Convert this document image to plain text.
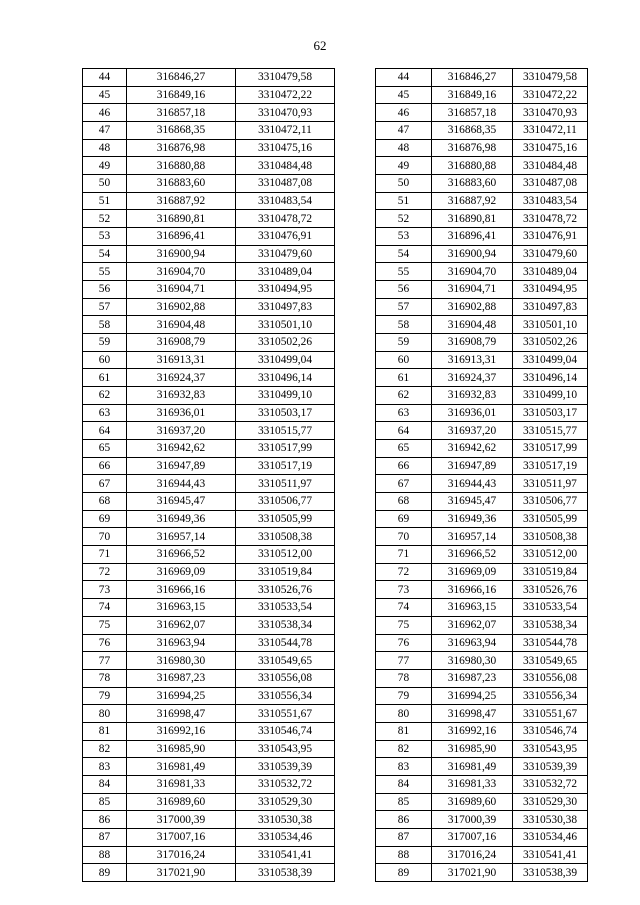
62
44	316846,27	3310479,58
45	316849,16	3310472,22
46	316857,18	3310470,93
47	316868,35	3310472,11
48	316876,98	3310475,16
49	316880,88	3310484,48
50	316883,60	3310487,08
51	316887,92	3310483,54
52	316890,81	3310478,72
53	316896,41	3310476,91
54	316900,94	3310479,60
55	316904,70	3310489,04
56	316904,71	3310494,95
57	316902,88	3310497,83
58	316904,48	3310501,10
59	316908,79	3310502,26
60	316913,31	3310499,04
61	316924,37	3310496,14
62	316932,83	3310499,10
63	316936,01	3310503,17
64	316937,20	3310515,77
65	316942,62	3310517,99
66	316947,89	3310517,19
67	316944,43	3310511,97
68	316945,47	3310506,77
69	316949,36	3310505,99
70	316957,14	3310508,38
71	316966,52	3310512,00
72	316969,09	3310519,84
73	316966,16	3310526,76
74	316963,15	3310533,54
75	316962,07	3310538,34
76	316963,94	3310544,78
77	316980,30	3310549,65
78	316987,23	3310556,08
79	316994,25	3310556,34
80	316998,47	3310551,67
81	316992,16	3310546,74
82	316985,90	3310543,95
83	316981,49	3310539,39
84	316981,33	3310532,72
85	316989,60	3310529,30
86	317000,39	3310530,38
87	317007,16	3310534,46
88	317016,24	3310541,41
89	317021,90	3310538,39
44	316846,27	3310479,58
45	316849,16	3310472,22
46	316857,18	3310470,93
47	316868,35	3310472,11
48	316876,98	3310475,16
49	316880,88	3310484,48
50	316883,60	3310487,08
51	316887,92	3310483,54
52	316890,81	3310478,72
53	316896,41	3310476,91
54	316900,94	3310479,60
55	316904,70	3310489,04
56	316904,71	3310494,95
57	316902,88	3310497,83
58	316904,48	3310501,10
59	316908,79	3310502,26
60	316913,31	3310499,04
61	316924,37	3310496,14
62	316932,83	3310499,10
63	316936,01	3310503,17
64	316937,20	3310515,77
65	316942,62	3310517,99
66	316947,89	3310517,19
67	316944,43	3310511,97
68	316945,47	3310506,77
69	316949,36	3310505,99
70	316957,14	3310508,38
71	316966,52	3310512,00
72	316969,09	3310519,84
73	316966,16	3310526,76
74	316963,15	3310533,54
75	316962,07	3310538,34
76	316963,94	3310544,78
77	316980,30	3310549,65
78	316987,23	3310556,08
79	316994,25	3310556,34
80	316998,47	3310551,67
81	316992,16	3310546,74
82	316985,90	3310543,95
83	316981,49	3310539,39
84	316981,33	3310532,72
85	316989,60	3310529,30
86	317000,39	3310530,38
87	317007,16	3310534,46
88	317016,24	3310541,41
89	317021,90	3310538,39
